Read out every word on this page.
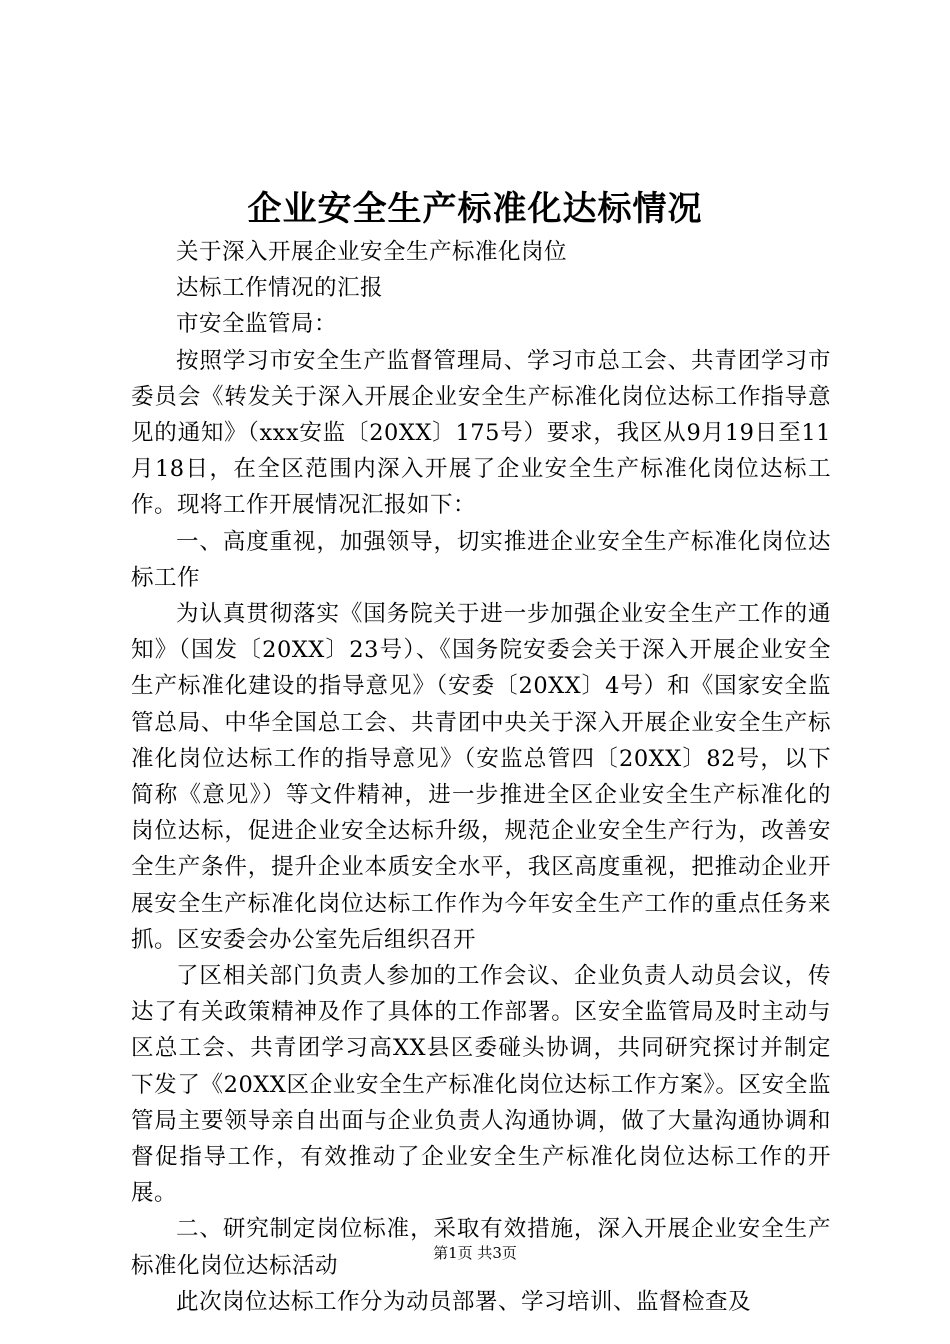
企业安全生产标准化达标情况

关于深入开展企业安全生产标准化岗位

达标工作情况的汇报

市安全监管局：

按照学习市安全生产监督管理局、学习市总工会、共青团学习市委员会《转发关于深入开展企业安全生产标准化岗位达标工作指导意见的通知》（xxx安监〔20XX〕175号）要求，我区从9月19日至11月18日，在全区范围内深入开展了企业安全生产标准化岗位达标工作。现将工作开展情况汇报如下：

一、高度重视，加强领导，切实推进企业安全生产标准化岗位达标工作

为认真贯彻落实《国务院关于进一步加强企业安全生产工作的通知》（国发〔20XX〕23号）、《国务院安委会关于深入开展企业安全生产标准化建设的指导意见》（安委〔20XX〕4号）和《国家安全监管总局、中华全国总工会、共青团中央关于深入开展企业安全生产标准化岗位达标工作的指导意见》（安监总管四〔20XX〕82号，以下简称《意见》）等文件精神，进一步推进全区企业安全生产标准化的岗位达标，促进企业安全达标升级，规范企业安全生产行为，改善安全生产条件，提升企业本质安全水平，我区高度重视，把推动企业开展安全生产标准化岗位达标工作作为今年安全生产工作的重点任务来抓。区安委会办公室先后组织召开

了区相关部门负责人参加的工作会议、企业负责人动员会议，传达了有关政策精神及作了具体的工作部署。区安全监管局及时主动与区总工会、共青团学习高XX县区委碰头协调，共同研究探讨并制定下发了《20XX区企业安全生产标准化岗位达标工作方案》。区安全监管局主要领导亲自出面与企业负责人沟通协调，做了大量沟通协调和督促指导工作，有效推动了企业安全生产标准化岗位达标工作的开展。

二、研究制定岗位标准，采取有效措施，深入开展企业安全生产标准化岗位达标活动

此次岗位达标工作分为动员部署、学习培训、监督检查及

第1页 共3页
